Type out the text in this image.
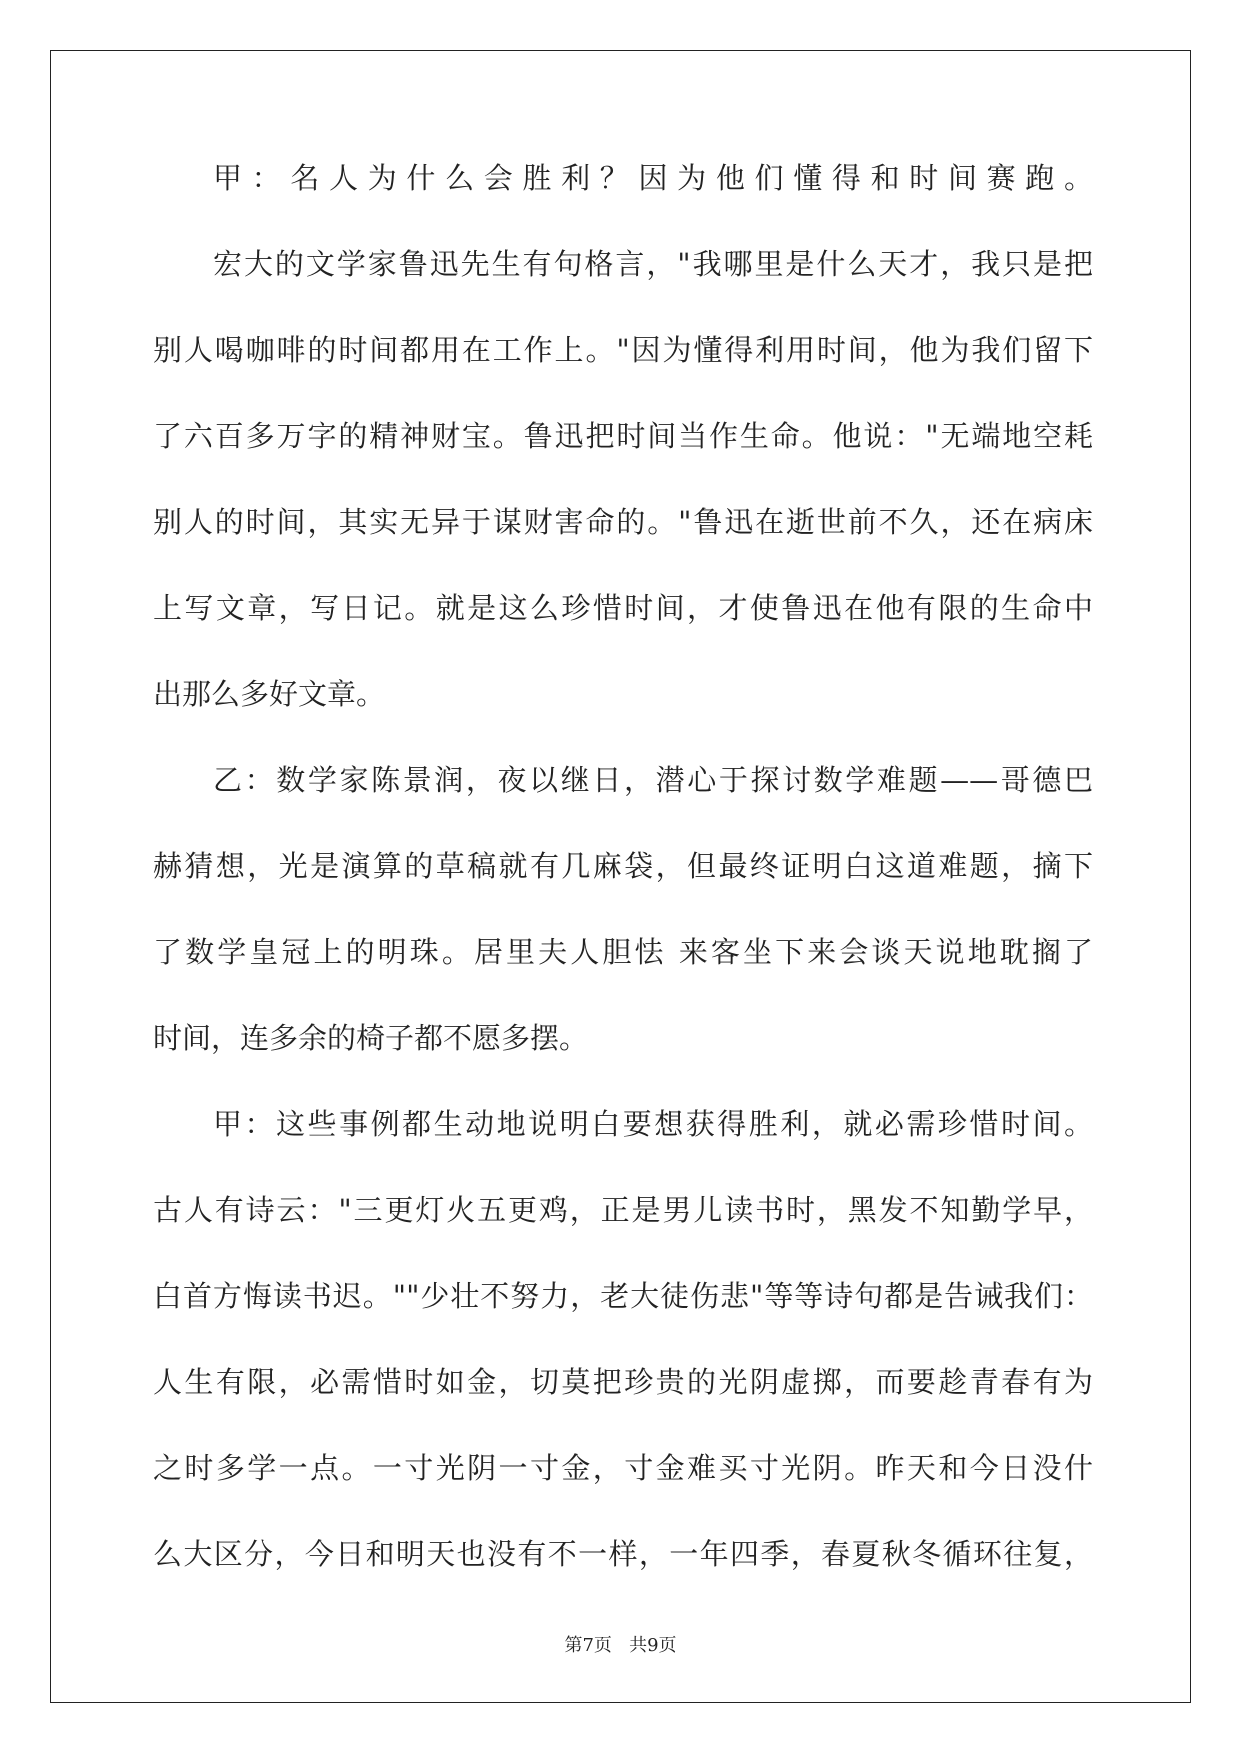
甲：名人为什么会胜利？因为他们懂得和时间赛跑。
宏大的文学家鲁迅先生有句格言，"我哪里是什么天才，我只是把
别人喝咖啡的时间都用在工作上。"因为懂得利用时间，他为我们留下
了六百多万字的精神财宝。鲁迅把时间当作生命。他说："无端地空耗
别人的时间，其实无异于谋财害命的。"鲁迅在逝世前不久，还在病床
上写文章，写日记。就是这么珍惜时间，才使鲁迅在他有限的生命中
出那么多好文章。
乙：数学家陈景润，夜以继日，潜心于探讨数学难题——哥德巴
赫猜想，光是演算的草稿就有几麻袋，但最终证明白这道难题，摘下
了数学皇冠上的明珠。居里夫人胆怯 来客坐下来会谈天说地耽搁了
时间，连多余的椅子都不愿多摆。
甲：这些事例都生动地说明白要想获得胜利，就必需珍惜时间。
古人有诗云："三更灯火五更鸡，正是男儿读书时，黑发不知勤学早，
白首方悔读书迟。""少壮不努力，老大徒伤悲"等等诗句都是告诫我们：
人生有限，必需惜时如金，切莫把珍贵的光阴虚掷，而要趁青春有为
之时多学一点。一寸光阴一寸金，寸金难买寸光阴。昨天和今日没什
么大区分，今日和明天也没有不一样，一年四季，春夏秋冬循环往复，
第7页   共9页
